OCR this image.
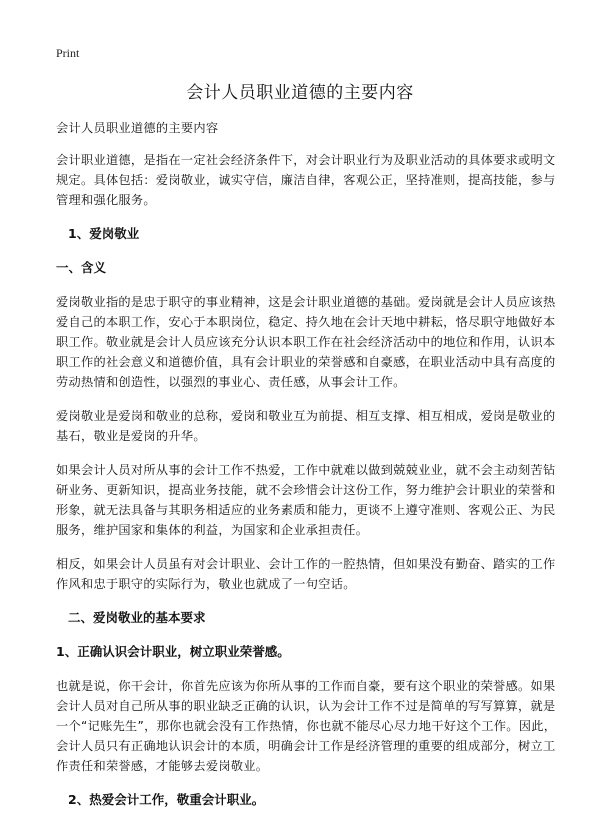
Print
会计人员职业道德的主要内容

会计人员职业道德的主要内容

会计职业道德，是指在一定社会经济条件下，对会计职业行为及职业活动的具体要求或明文规定。具体包括：爱岗敬业，诚实守信，廉洁自律，客观公正，坚持准则，提高技能，参与管理和强化服务。

1、爱岗敬业
一、含义

爱岗敬业指的是忠于职守的事业精神，这是会计职业道德的基础。爱岗就是会计人员应该热爱自己的本职工作，安心于本职岗位，稳定、持久地在会计天地中耕耘，恪尽职守地做好本职工作。敬业就是会计人员应该充分认识本职工作在社会经济活动中的地位和作用，认识本职工作的社会意义和道德价值，具有会计职业的荣誉感和自豪感，在职业活动中具有高度的劳动热情和创造性，以强烈的事业心、责任感，从事会计工作。

爱岗敬业是爱岗和敬业的总称，爱岗和敬业互为前提、相互支撑、相互相成，爱岗是敬业的基石，敬业是爱岗的升华。

如果会计人员对所从事的会计工作不热爱，工作中就难以做到兢兢业业，就不会主动刻苦钻研业务、更新知识，提高业务技能，就不会珍惜会计这份工作，努力维护会计职业的荣誉和形象，就无法具备与其职务相适应的业务素质和能力，更谈不上遵守准则、客观公正、为民服务，维护国家和集体的利益，为国家和企业承担责任。

相反，如果会计人员虽有对会计职业、会计工作的一腔热情，但如果没有勤奋、踏实的工作作风和忠于职守的实际行为，敬业也就成了一句空话。

二、爱岗敬业的基本要求
1、正确认识会计职业，树立职业荣誉感。

也就是说，你干会计，你首先应该为你所从事的工作而自豪，要有这个职业的荣誉感。如果会计人员对自己所从事的职业缺乏正确的认识，认为会计工作不过是简单的写写算算，就是一个“记账先生”，那你也就会没有工作热情，你也就不能尽心尽力地干好这个工作。因此，会计人员只有正确地认识会计的本质，明确会计工作是经济管理的重要的组成部分，树立工作责任和荣誉感，才能够去爱岗敬业。

2、热爱会计工作，敬重会计职业。
